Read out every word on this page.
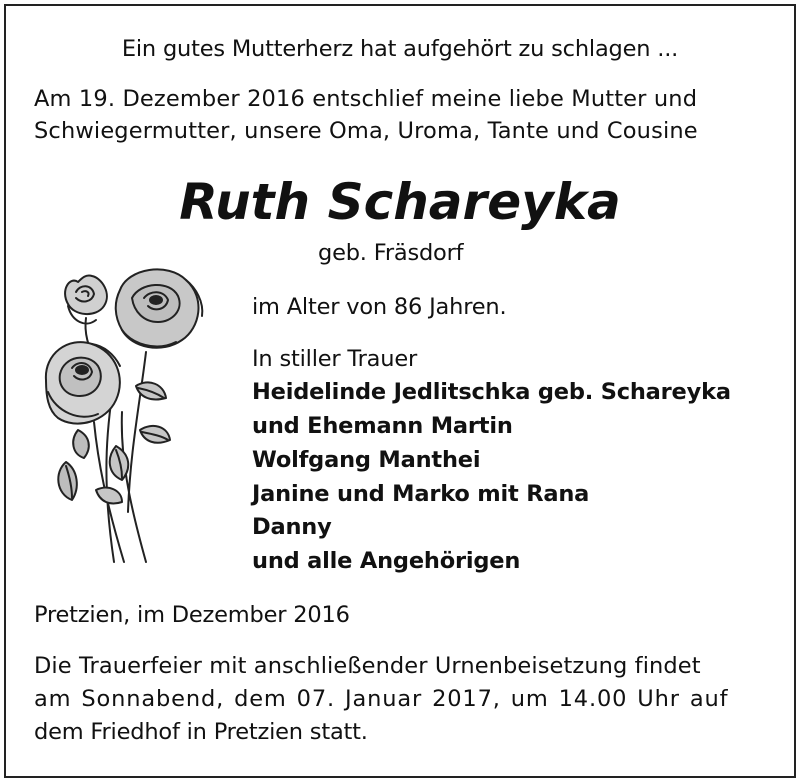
Ein gutes Mutterherz hat aufgehört zu schlagen ...
Am 19. Dezember 2016 entschlief meine liebe Mutter und
Schwiegermutter, unsere Oma, Uroma, Tante und Cousine
Ruth Schareyka
geb. Fräsdorf
im Alter von 86 Jahren.
In stiller Trauer
Heidelinde Jedlitschka geb. Schareyka
und Ehemann Martin
Wolfgang Manthei
Janine und Marko mit Rana
Danny
und alle Angehörigen
Pretzien, im Dezember 2016
Die Trauerfeier mit anschließender Urnenbeisetzung findet
am Sonnabend, dem 07. Januar 2017, um 14.00 Uhr auf
dem Friedhof in Pretzien statt.
